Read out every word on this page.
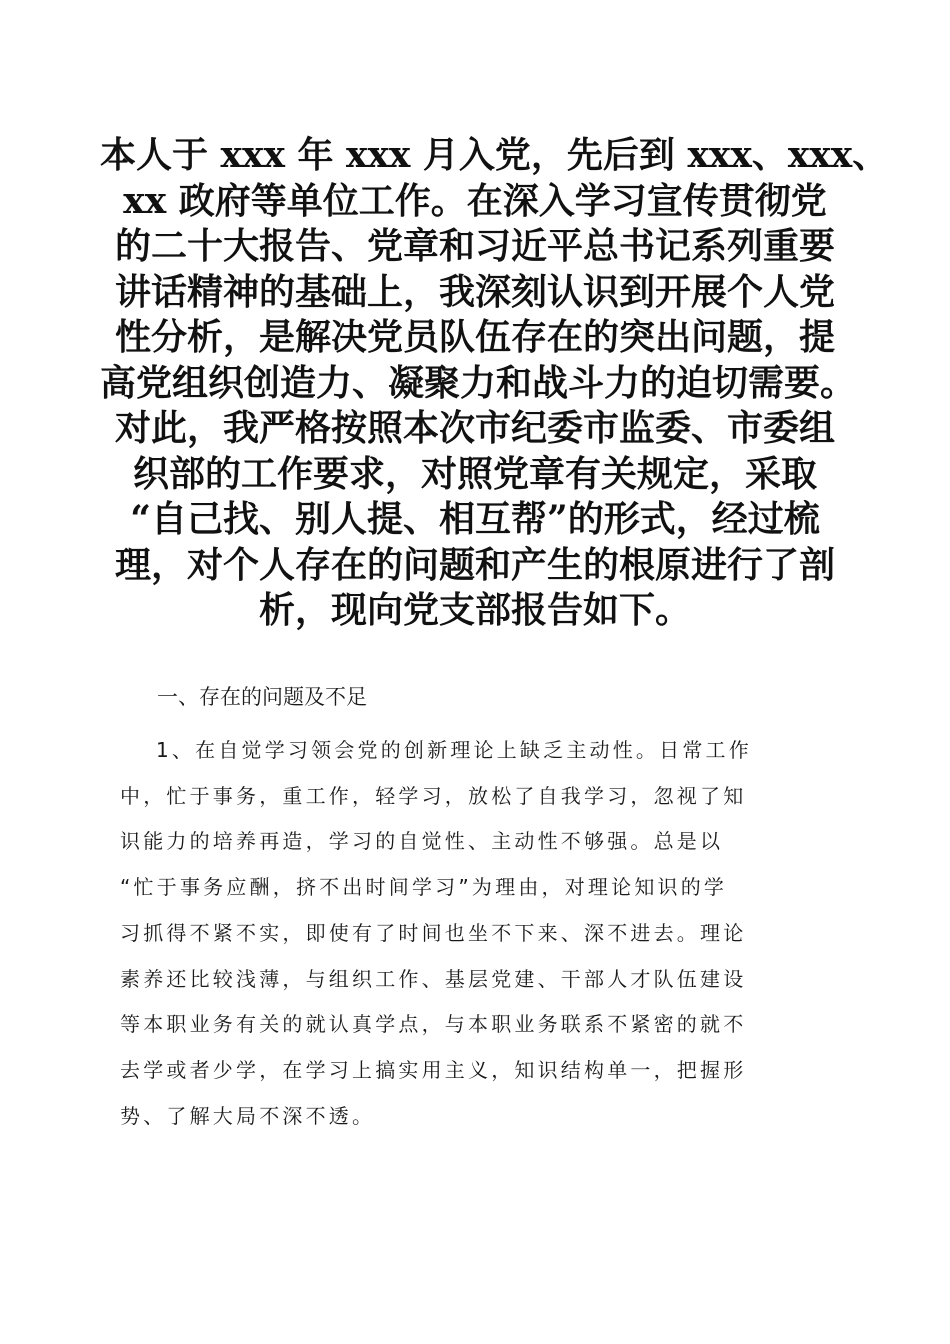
本人于 xxx 年 xxx 月入党，先后到 xxx、xxx、
xx 政府等单位工作。在深入学习宣传贯彻党
的二十大报告、党章和习近平总书记系列重要
讲话精神的基础上，我深刻认识到开展个人党
性分析，是解决党员队伍存在的突出问题，提
高党组织创造力、凝聚力和战斗力的迫切需要。
对此，我严格按照本次市纪委市监委、市委组
织部的工作要求，对照党章有关规定，采取
“自己找、别人提、相互帮”的形式，经过梳
理，对个人存在的问题和产生的根原进行了剖
析，现向党支部报告如下。
一、存在的问题及不足
1、在自觉学习领会党的创新理论上缺乏主动性。日常工作
中，忙于事务，重工作，轻学习，放松了自我学习，忽视了知
识能力的培养再造，学习的自觉性、主动性不够强。总是以
“忙于事务应酬，挤不出时间学习”为理由，对理论知识的学
习抓得不紧不实，即使有了时间也坐不下来、深不进去。理论
素养还比较浅薄，与组织工作、基层党建、干部人才队伍建设
等本职业务有关的就认真学点，与本职业务联系不紧密的就不
去学或者少学，在学习上搞实用主义，知识结构单一，把握形
势、了解大局不深不透。
